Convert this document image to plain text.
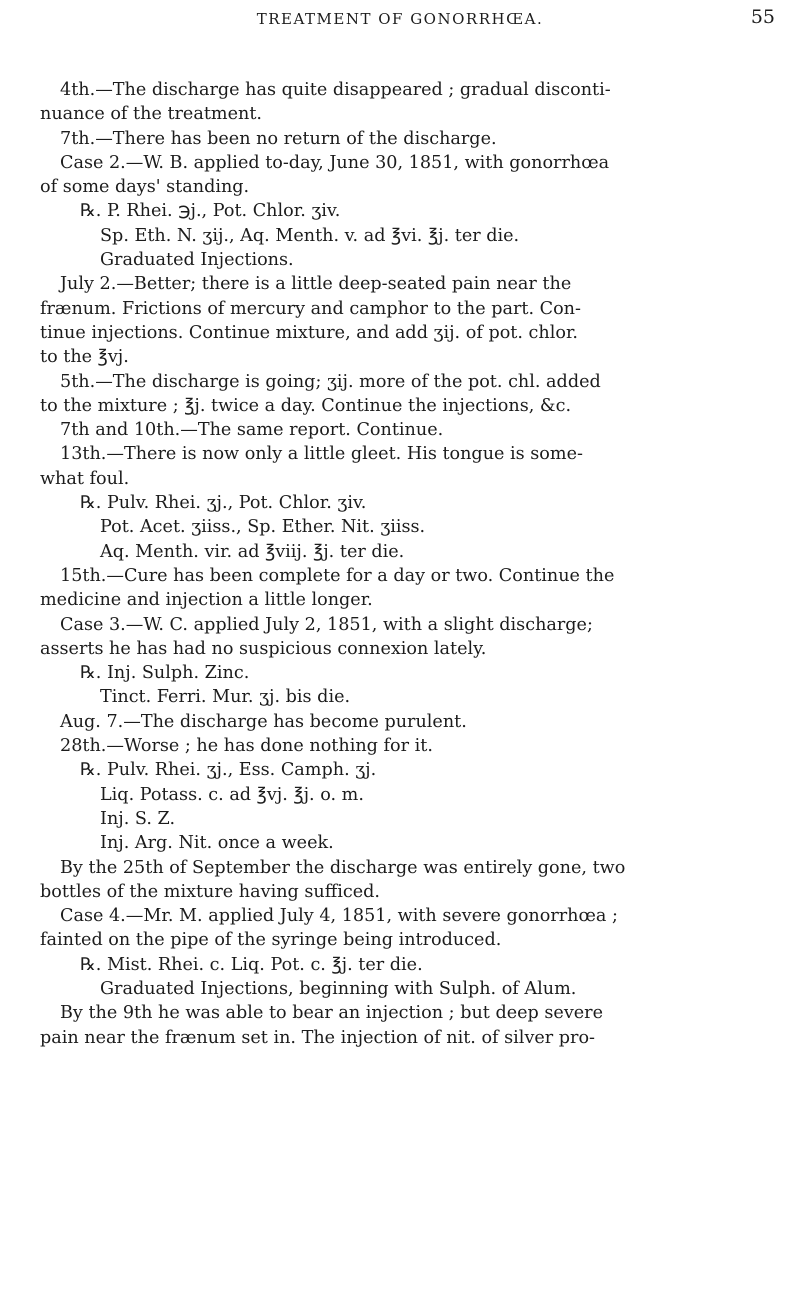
TREATMENT OF GONORRHŒA.	55
4th.—The discharge has quite disappeared ; gradual disconti-
nuance of the treatment.
7th.—There has been no return of the discharge.
Case 2.—W. B. applied to-day, June 30, 1851, with gonorrhœa
of some days' standing.
℞. P. Rhei. ℈j., Pot. Chlor. ʒiv.
Sp. Eth. N. ʒij., Aq. Menth. v. ad ℥vi. ℥j. ter die.
Graduated Injections.
July 2.—Better; there is a little deep-seated pain near the
frænum. Frictions of mercury and camphor to the part. Con-
tinue injections. Continue mixture, and add ʒij. of pot. chlor.
to the ℥vj.
5th.—The discharge is going; ʒij. more of the pot. chl. added
to the mixture ; ℥j. twice a day. Continue the injections, &c.
7th and 10th.—The same report. Continue.
13th.—There is now only a little gleet. His tongue is some-
what foul.
℞. Pulv. Rhei. ʒj., Pot. Chlor. ʒiv.
Pot. Acet. ʒiiss., Sp. Ether. Nit. ʒiiss.
Aq. Menth. vir. ad ℥viij. ℥j. ter die.
15th.—Cure has been complete for a day or two. Continue the
medicine and injection a little longer.
Case 3.—W. C. applied July 2, 1851, with a slight discharge;
asserts he has had no suspicious connexion lately.
℞. Inj. Sulph. Zinc.
Tinct. Ferri. Mur. ʒj. bis die.
Aug. 7.—The discharge has become purulent.
28th.—Worse ; he has done nothing for it.
℞. Pulv. Rhei. ʒj., Ess. Camph. ʒj.
Liq. Potass. c. ad ℥vj. ℥j. o. m.
Inj. S. Z.
Inj. Arg. Nit. once a week.
By the 25th of September the discharge was entirely gone, two
bottles of the mixture having sufficed.
Case 4.—Mr. M. applied July 4, 1851, with severe gonorrhœa ;
fainted on the pipe of the syringe being introduced.
℞. Mist. Rhei. c. Liq. Pot. c. ℥j. ter die.
Graduated Injections, beginning with Sulph. of Alum.
By the 9th he was able to bear an injection ; but deep severe
pain near the frænum set in. The injection of nit. of silver pro-
